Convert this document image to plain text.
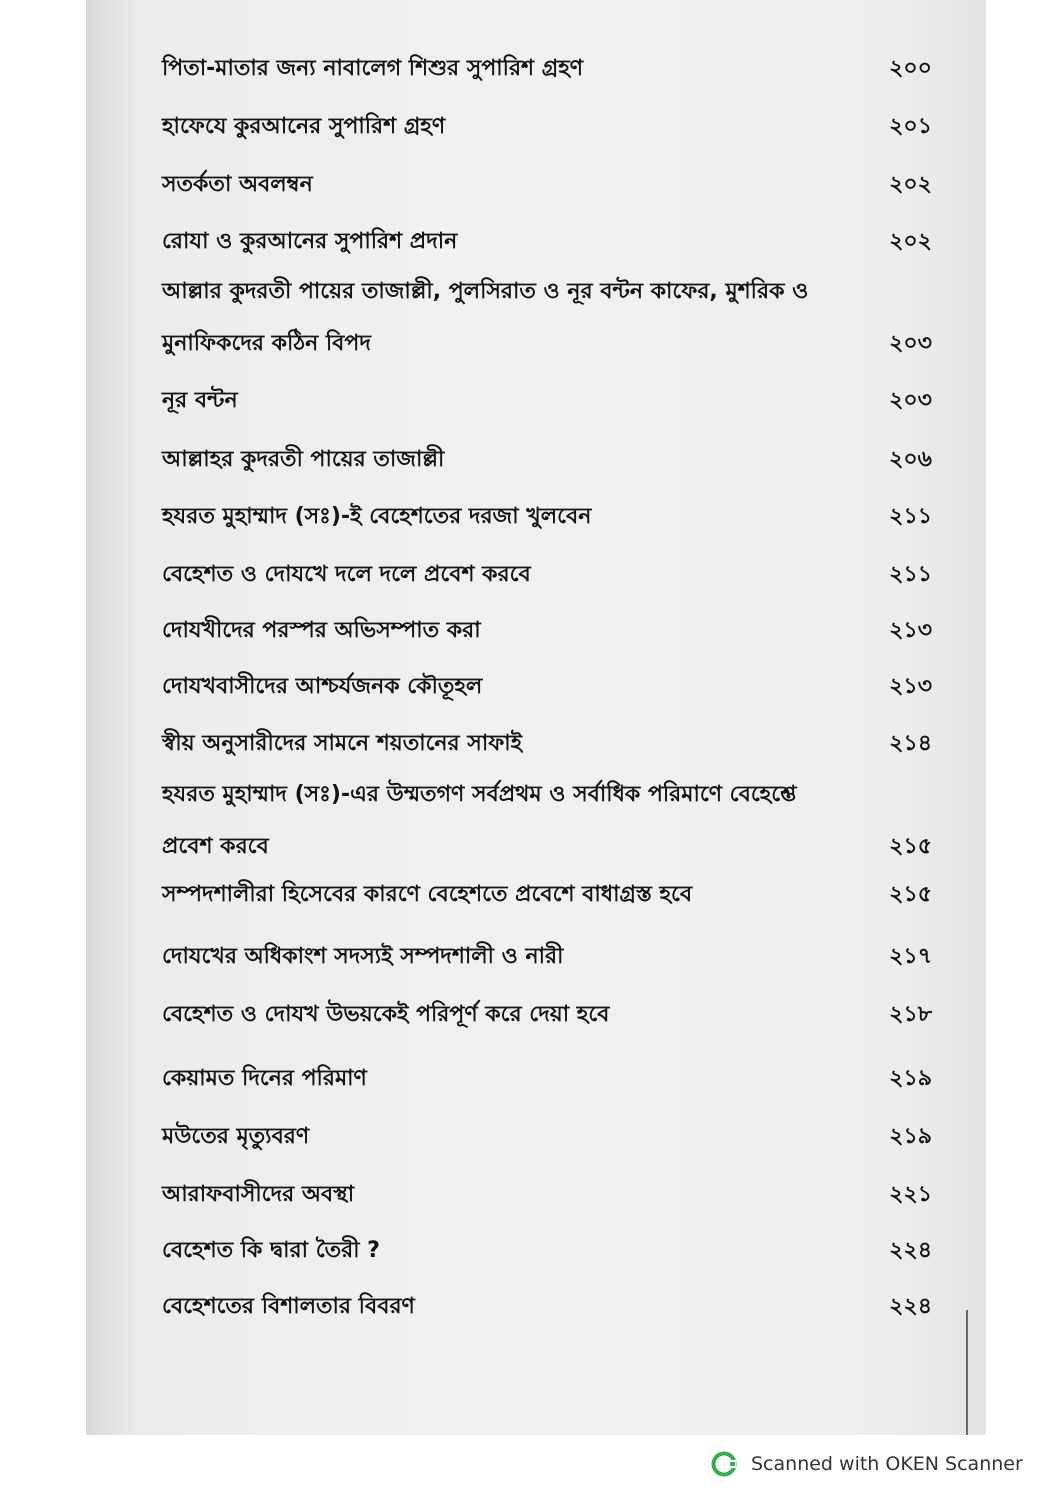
পিতা-মাতার জন্য নাবালেগ শিশুর সুপারিশ গ্রহণ	২০০
হাফেযে কুরআনের সুপারিশ গ্রহণ	২০১
সতর্কতা অবলম্বন	২০২
রোযা ও কুরআনের সুপারিশ প্রদান	২০২
আল্লার কুদরতী পায়ের তাজাল্লী, পুলসিরাত ও নূর বন্টন কাফের, মুশরিক ও
মুনাফিকদের কঠিন বিপদ	২০৩
নূর বন্টন	২০৩
আল্লাহর কুদরতী পায়ের তাজাল্লী	২০৬
হযরত মুহাম্মাদ (সঃ)-ই বেহেশতের দরজা খুলবেন	২১১
বেহেশত ও দোযখে দলে দলে প্রবেশ করবে	২১১
দোযখীদের পরস্পর অভিসম্পাত করা	২১৩
দোযখবাসীদের আশ্চর্যজনক কৌতূহল	২১৩
স্বীয় অনুসারীদের সামনে শয়তানের সাফাই	২১৪
হযরত মুহাম্মাদ (সঃ)-এর উম্মতগণ সর্বপ্রথম ও সর্বাধিক পরিমাণে বেহেশ্তে
প্রবেশ করবে	২১৫
সম্পদশালীরা হিসেবের কারণে বেহেশতে প্রবেশে বাধাগ্রস্ত হবে	২১৫
দোযখের অধিকাংশ সদস্যই সম্পদশালী ও নারী	২১৭
বেহেশত ও দোযখ উভয়কেই পরিপূর্ণ করে দেয়া হবে	২১৮
কেয়ামত দিনের পরিমাণ	২১৯
মউতের মৃত্যুবরণ	২১৯
আরাফবাসীদের অবস্থা	২২১
বেহেশত কি দ্বারা তৈরী ?	২২৪
বেহেশতের বিশালতার বিবরণ	২২৪
Scanned with OKEN Scanner
